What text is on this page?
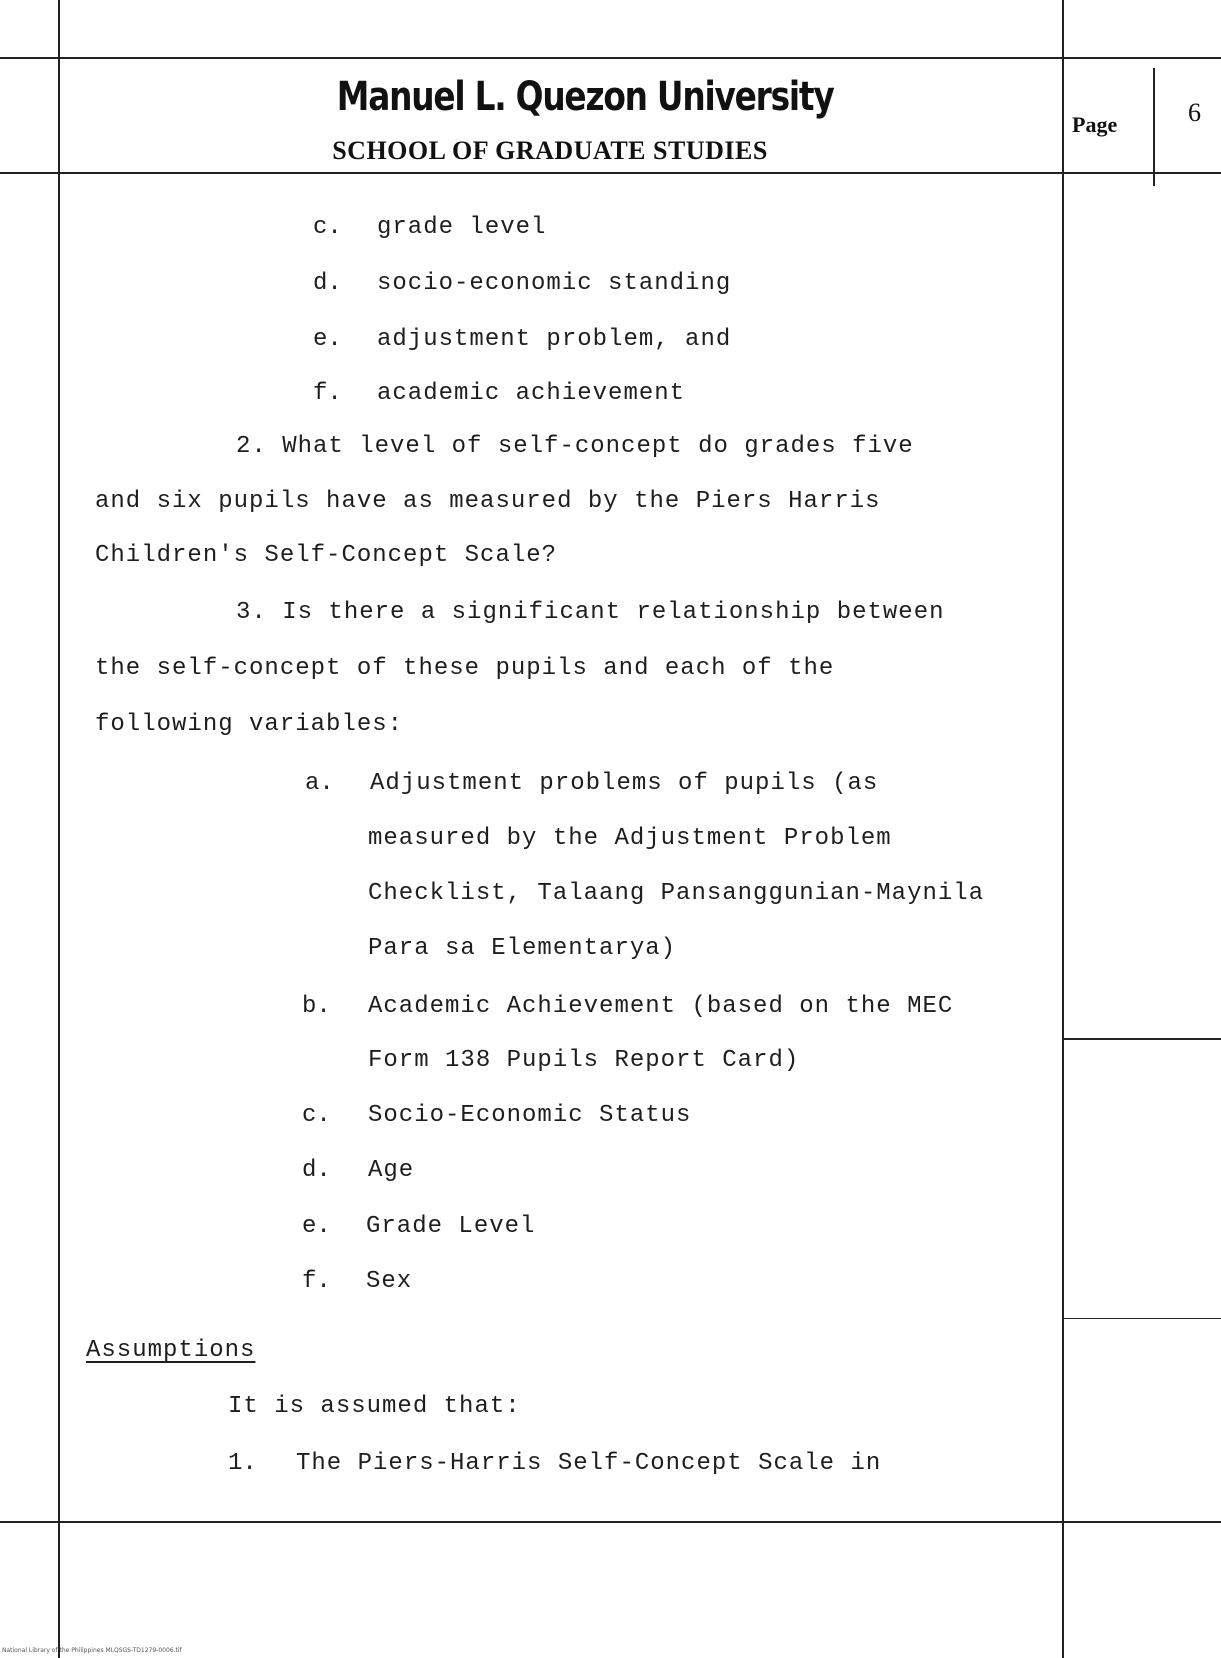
Manuel L. Quezon University
SCHOOL OF GRADUATE STUDIES
Page	6
c. grade level
d. socio-economic standing
e. adjustment problem, and
f. academic achievement
2. What level of self-concept do grades five
and six pupils have as measured by the Piers Harris
Children's Self-Concept Scale?
3. Is there a significant relationship between
the self-concept of these pupils and each of the
following variables:
a. Adjustment problems of pupils (as
measured by the Adjustment Problem
Checklist, Talaang Pansanggunian-Maynila
Para sa Elementarya)
b. Academic Achievement (based on the MEC
Form 138 Pupils Report Card)
c. Socio-Economic Status
d. Age
e. Grade Level
f. Sex
Assumptions
It is assumed that:
1. The Piers-Harris Self-Concept Scale in
National Library of the Philippines MLQSGS-TD1279-0006.tif
